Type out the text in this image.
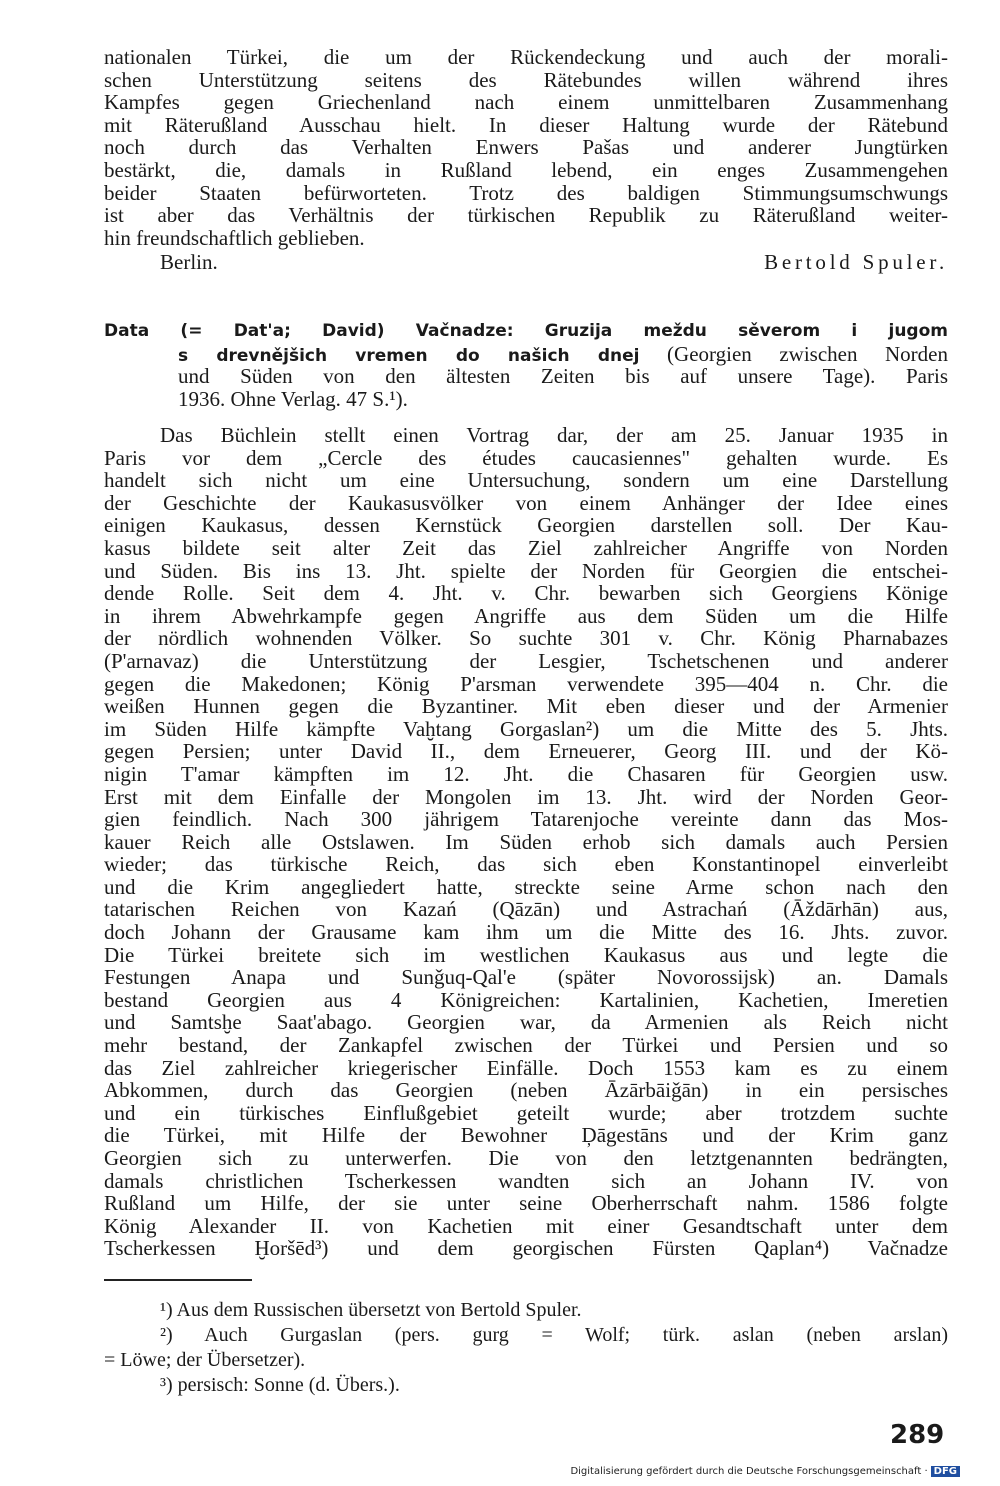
nationalen Türkei, die um der Rückendeckung und auch der morali-
schen Unterstützung seitens des Rätebundes willen während ihres
Kampfes gegen Griechenland nach einem unmittelbaren Zusammenhang
mit Räterußland Ausschau hielt. In dieser Haltung wurde der Rätebund
noch durch das Verhalten Enwers Pašas und anderer Jungtürken
bestärkt, die, damals in Rußland lebend, ein enges Zusammengehen
beider Staaten befürworteten. Trotz des baldigen Stimmungsumschwungs
ist aber das Verhältnis der türkischen Republik zu Räterußland weiter-
hin freundschaftlich geblieben.
Berlin.	Bertold Spuler.
Data (= Dat'a; David) Vačnadze: Gruzija meždu sěverom i jugom
s drevnějšich vremen do našich dnej (Georgien zwischen Norden
und Süden von den ältesten Zeiten bis auf unsere Tage). Paris
1936. Ohne Verlag. 47 S.¹).
Das Büchlein stellt einen Vortrag dar, der am 25. Januar 1935 in
Paris vor dem „Cercle des études caucasiennes" gehalten wurde. Es
handelt sich nicht um eine Untersuchung, sondern um eine Darstellung
der Geschichte der Kaukasusvölker von einem Anhänger der Idee eines
einigen Kaukasus, dessen Kernstück Georgien darstellen soll. Der Kau-
kasus bildete seit alter Zeit das Ziel zahlreicher Angriffe von Norden
und Süden. Bis ins 13. Jht. spielte der Norden für Georgien die entschei-
dende Rolle. Seit dem 4. Jht. v. Chr. bewarben sich Georgiens Könige
in ihrem Abwehrkampfe gegen Angriffe aus dem Süden um die Hilfe
der nördlich wohnenden Völker. So suchte 301 v. Chr. König Pharnabazes
(P'arnavaz) die Unterstützung der Lesgier, Tschetschenen und anderer
gegen die Makedonen; König P'arsman verwendete 395—404 n. Chr. die
weißen Hunnen gegen die Byzantiner. Mit eben dieser und der Armenier
im Süden Hilfe kämpfte Vaḫtang Gorgaslan²) um die Mitte des 5. Jhts.
gegen Persien; unter David II., dem Erneuerer, Georg III. und der Kö-
nigin T'amar kämpften im 12. Jht. die Chasaren für Georgien usw.
Erst mit dem Einfalle der Mongolen im 13. Jht. wird der Norden Geor-
gien feindlich. Nach 300 jährigem Tatarenjoche vereinte dann das Mos-
kauer Reich alle Ostslawen. Im Süden erhob sich damals auch Persien
wieder; das türkische Reich, das sich eben Konstantinopel einverleibt
und die Krim angegliedert hatte, streckte seine Arme schon nach den
tatarischen Reichen von Kazań (Qāzān) und Astrachań (Āždārhān) aus,
doch Johann der Grausame kam ihm um die Mitte des 16. Jhts. zuvor.
Die Türkei breitete sich im westlichen Kaukasus aus und legte die
Festungen Anapa und Sunǧuq-Qal'e (später Novorossijsk) an. Damals
bestand Georgien aus 4 Königreichen: Kartalinien, Kachetien, Imeretien
und Samtsḫe Saat'abago. Georgien war, da Armenien als Reich nicht
mehr bestand, der Zankapfel zwischen der Türkei und Persien und so
das Ziel zahlreicher kriegerischer Einfälle. Doch 1553 kam es zu einem
Abkommen, durch das Georgien (neben Āzārbāiǧān) in ein persisches
und ein türkisches Einflußgebiet geteilt wurde; aber trotzdem suchte
die Türkei, mit Hilfe der Bewohner Ḑāgestāns und der Krim ganz
Georgien sich zu unterwerfen. Die von den letztgenannten bedrängten,
damals christlichen Tscherkessen wandten sich an Johann IV. von
Rußland um Hilfe, der sie unter seine Oberherrschaft nahm. 1586 folgte
König Alexander II. von Kachetien mit einer Gesandtschaft unter dem
Tscherkessen Ḫoršēd³) und dem georgischen Fürsten Qaplan⁴) Vačnadze
¹) Aus dem Russischen übersetzt von Bertold Spuler.
²) Auch Gurgaslan (pers. gurg = Wolf; türk. aslan (neben arslan)
= Löwe; der Übersetzer).
³) persisch: Sonne (d. Übers.).
289
Digitalisierung gefördert durch die Deutsche Forschungsgemeinschaft · DFG
